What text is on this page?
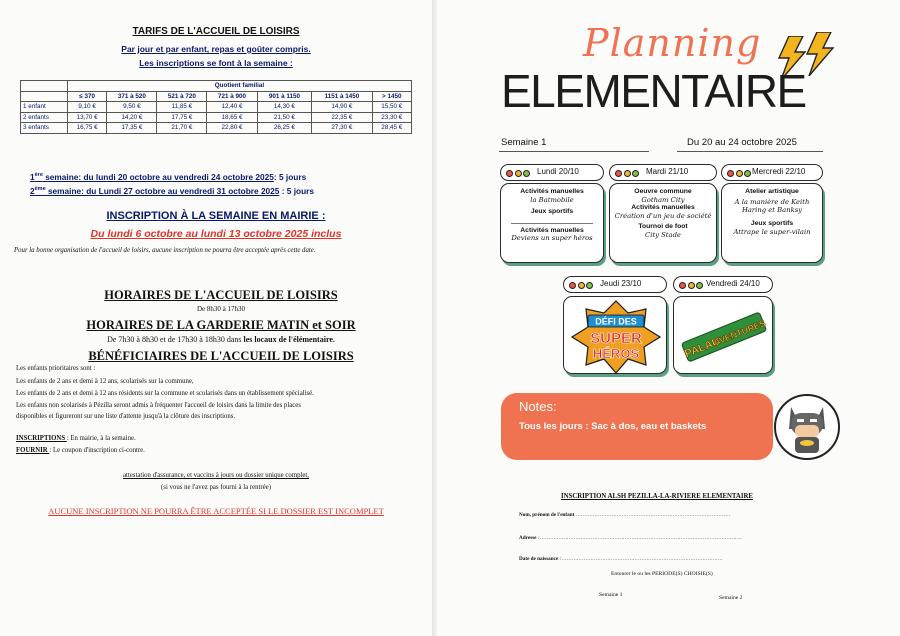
TARIFS DE L'ACCUEIL DE LOISIRS
Par jour et par enfant, repas et goûter compris.
Les inscriptions se font à la semaine :
	Quotient familial						
	≤ 370	371 à 520	521 à 720	721 à 900	901 à 1150	1151 à 1450	> 1450
1 enfant	9,10 €	9,50 €	11,85 €	12,40 €	14,30 €	14,90 €	15,50 €
2 enfants	13,70 €	14,20 €	17,75 €	18,65 €	21,50 €	22,35 €	23,30 €
3 enfants	16,75 €	17,35 €	21,70 €	22,80 €	26,25 €	27,30 €	28,45 €
1ère semaine: du lundi 20 octobre au vendredi 24 octobre 2025: 5 jours
2ème semaine: du Lundi 27 octobre au vendredi 31 octobre 2025 : 5 jours
INSCRIPTION À LA SEMAINE EN MAIRIE :
Du lundi 6 octobre au lundi 13 octobre 2025 inclus
Pour la bonne organisation de l'accueil de loisirs, aucune inscription ne pourra être acceptée après cette date.
HORAIRES DE L'ACCUEIL DE LOISIRS
De 8h30 à 17h30
HORAIRES DE LA GARDERIE MATIN et SOIR
De 7h30 à 8h30 et de 17h30 à 18h30 dans les locaux de l'élémentaire.
BÉNÉFICIAIRES DE L'ACCUEIL DE LOISIRS
Les enfants prioritaires sont :
Les enfants de 2 ans et demi à 12 ans, scolarisés sur la commune,
Les enfants de 2 ans et demi à 12 ans résidents sur la commune et scolarisés dans un établissement spécialisé.
Les enfants non scolarisés à Pézilla seront admis à fréquenter l'accueil de loisirs dans la limite des places
disponibles et figureront sur une liste d'attente jusqu'à la clôture des inscriptions.
INSCRIPTIONS : En mairie, à la semaine.
FOURNIR : Le coupon d'inscription ci-contre.
attestation d'assurance, et vaccins à jours ou dossier unique complet,
(si vous ne l'avez pas fourni à la rentrée)
AUCUNE INSCRIPTION NE POURRA ÊTRE ACCEPTÉE SI LE DOSSIER EST INCOMPLET
Planning
ELEMENTAIRE
Semaine 1	Du 20 au 24 octobre 2025
Lundi 20/10
Activités manuelles
la Batmobile
Jeux sportifs
Activités manuelles
Deviens un super héros
Mardi 21/10
Oeuvre commune
Gotham City
Activités manuelles
Création d'un jeu de société
Tournoi de foot
City Stade
Mercredi 22/10
Atelier artistique
A la manière de Keith Haring et Banksy
Jeux sportifs
Attrape le super-vilain
Jeudi 23/10
DÉFI DES
SUPER
HÉROS
Vendredi 24/10
PALAU
AVENTURES
Notes:
Tous les jours : Sac à dos, eau et baskets
INSCRIPTION ALSH PEZILLA-LA-RIVIERE ELEMENTAIRE
Nom, prénom de l'enfant ...........................................................................................
Adresse :.......................................................................................................................
Date de naissance :...............................................................................................
Entourer le ou les PERIODE(S) CHOISIE(S)
Semaine 1	Semaine 2
